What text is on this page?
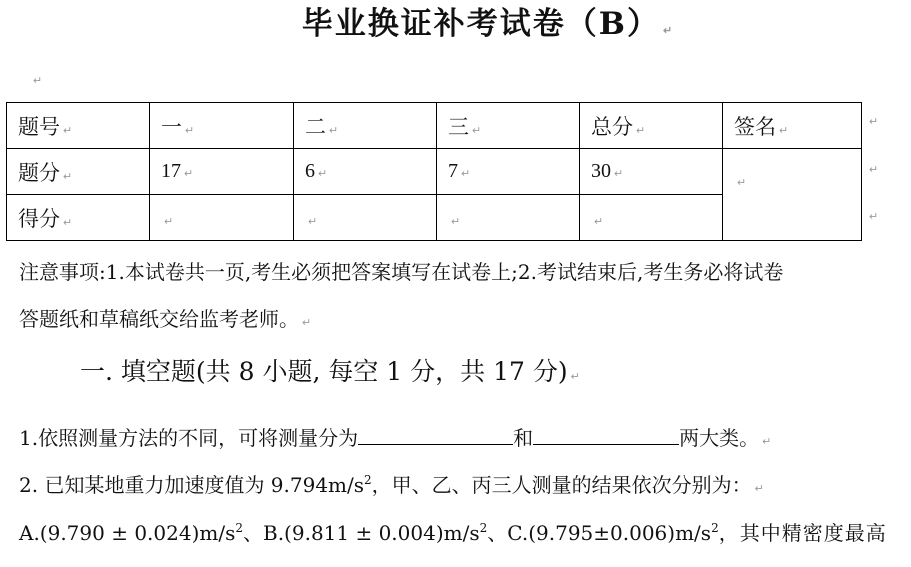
毕业换证补考试卷（B） ↵
↵
题号 ↵	一 ↵	二 ↵	三 ↵	总分 ↵	签名 ↵
题分 ↵	17 ↵	6 ↵	7 ↵	30 ↵	↵
得分 ↵	↵	↵	↵	↵	
↵
↵
↵
注意事项:1.本试卷共一页,考生必须把答案填写在试卷上;2.考试结束后,考生务必将试卷
答题纸和草稿纸交给监考老师。 ↵
一. 填空题(共 8 小题, 每空 1 分，共 17 分) ↵
1.依照测量方法的不同，可将测量分为	和	两大类。 ↵
2. 已知某地重力加速度值为 $9.794m/s^2$，甲、乙、丙三人测量的结果依次分别为： ↵
$A.(9.790 \pm 0.024)m/s^2$、$B.(9.811 \pm 0.004)m/s^2$、$C.(9.795\pm 0.006)m/s^2$，其中精密度最高
